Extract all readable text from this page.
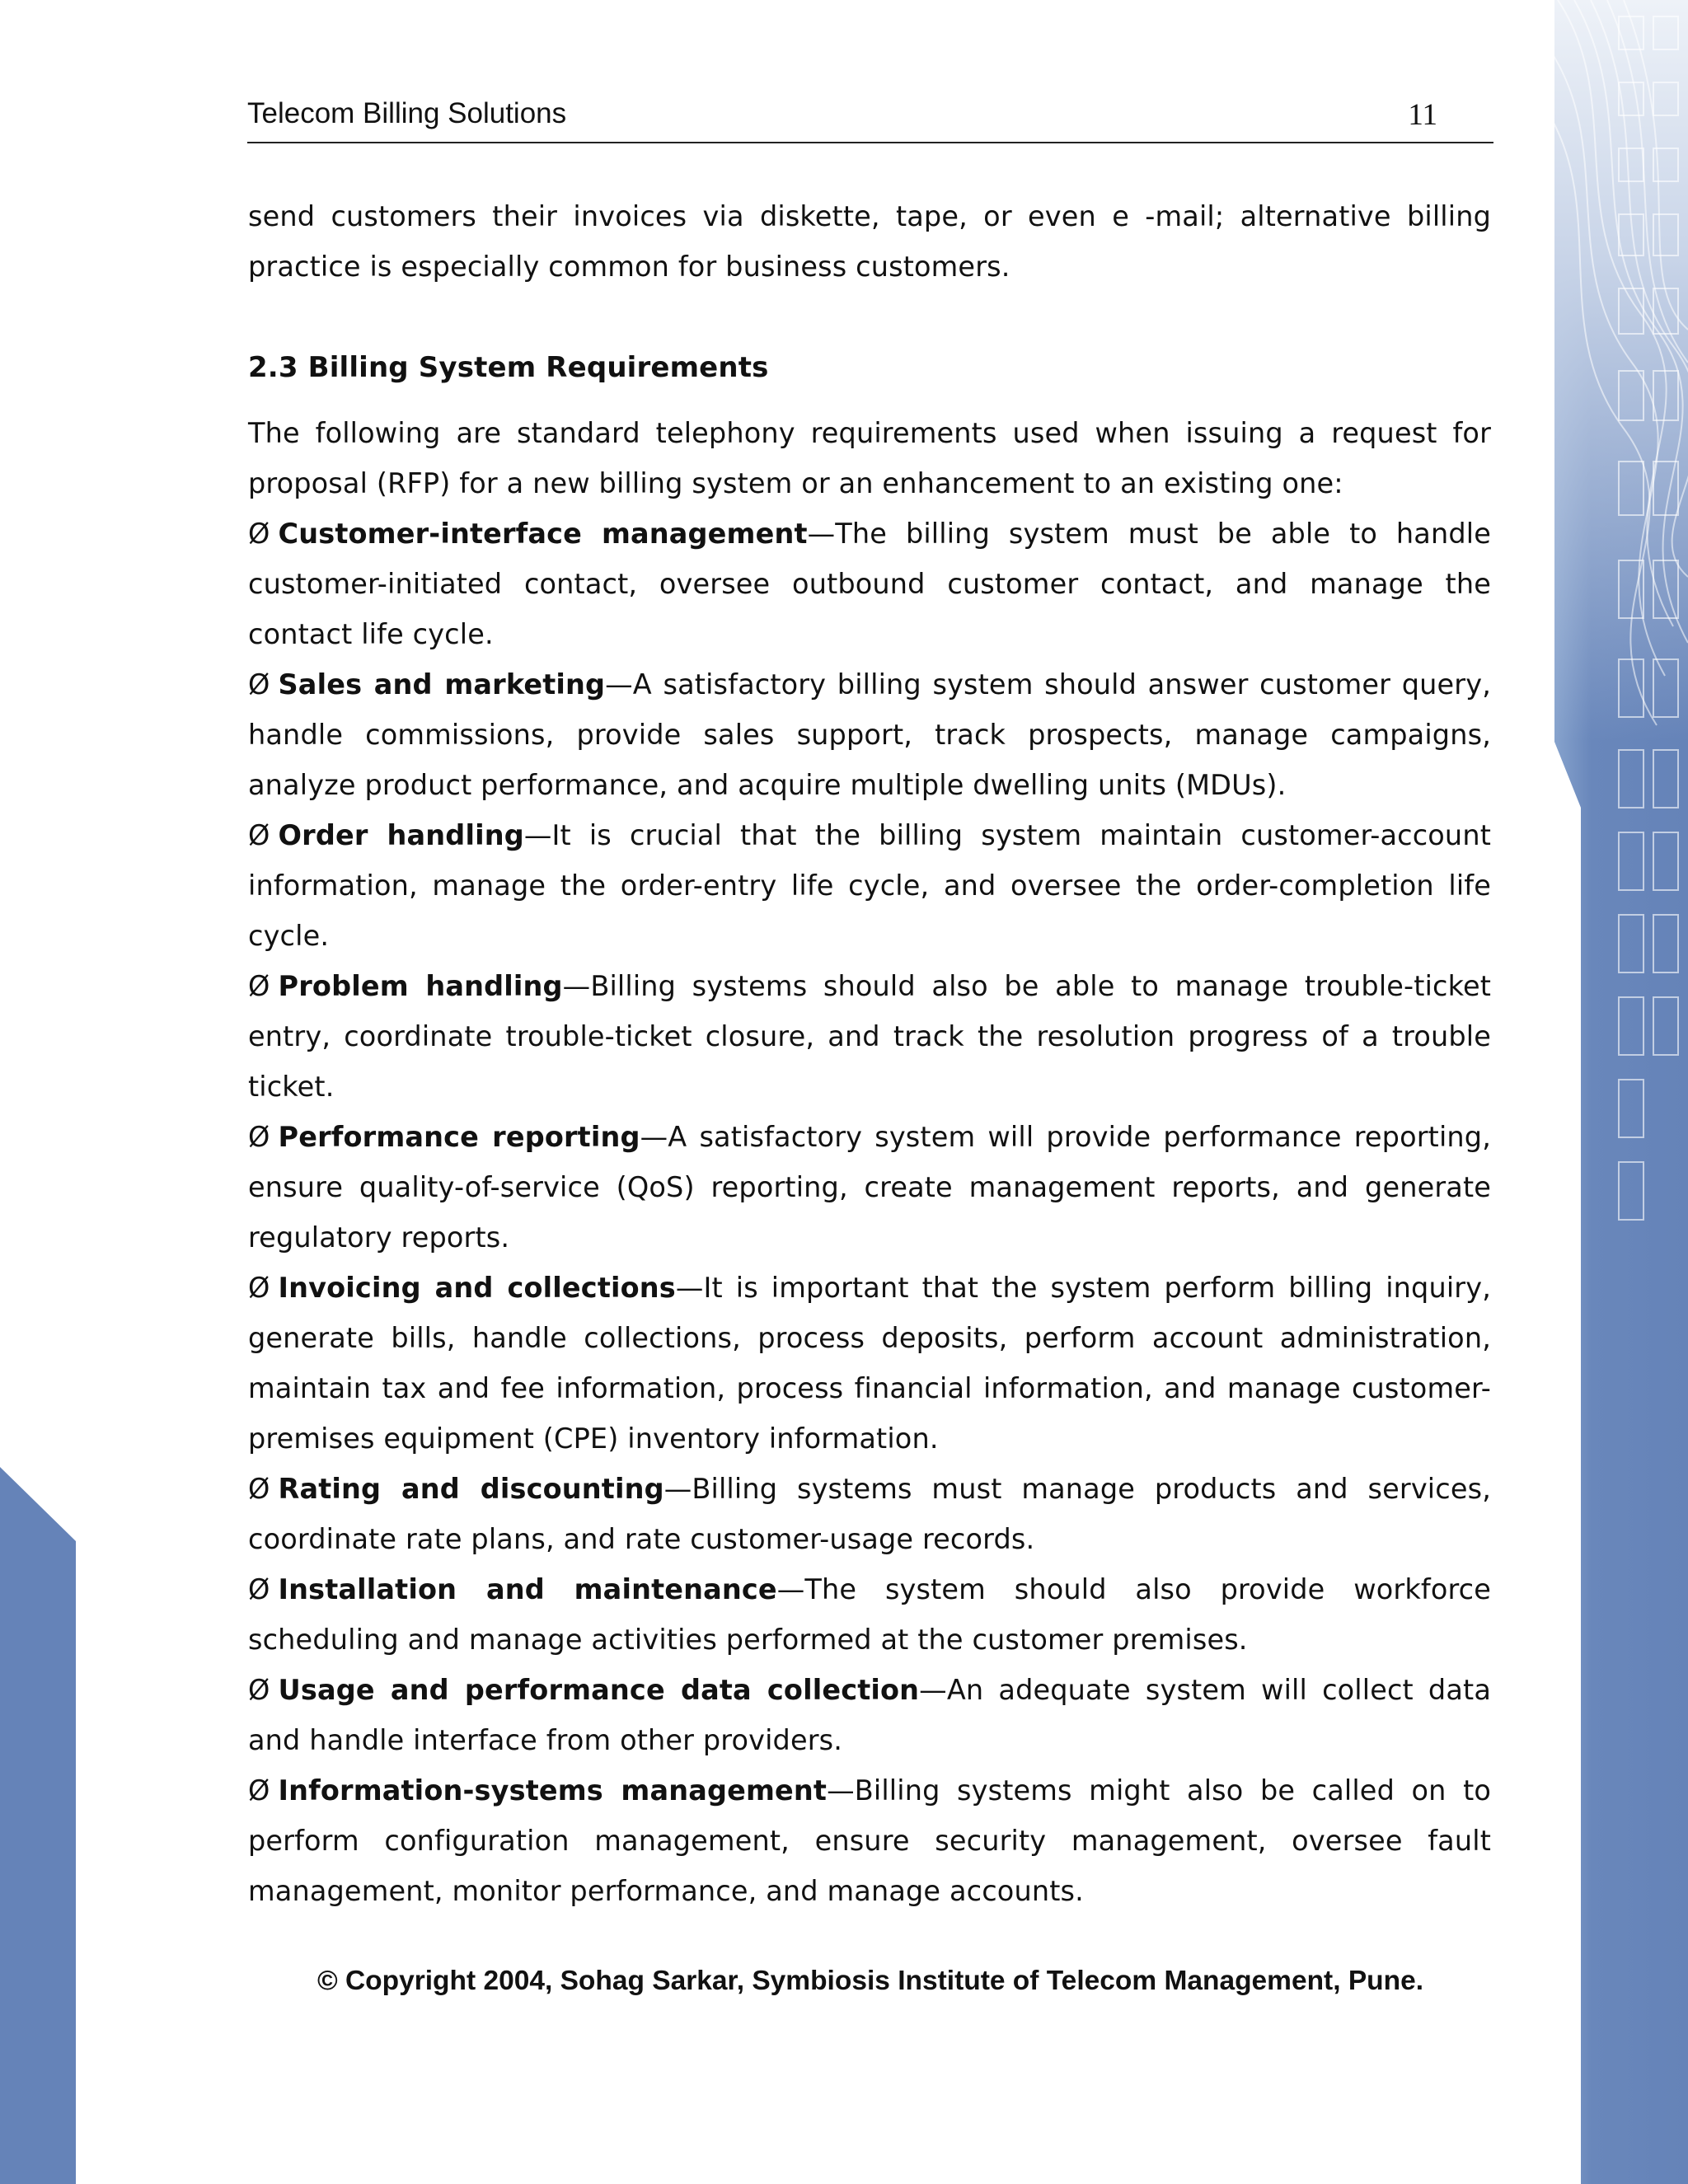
Telecom Billing Solutions	11

send customers their invoices via diskette, tape, or even e -mail; alternative billing practice is especially common for business customers.

2.3 Billing System Requirements

The following are standard telephony requirements used when issuing a request for proposal (RFP) for a new billing system or an enhancement to an existing one:

Ø Customer-interface management—The billing system must be able to handle customer-initiated contact, oversee outbound customer contact, and manage the contact life cycle.

Ø Sales and marketing—A satisfactory billing system should answer customer query, handle commissions, provide sales support, track prospects, manage campaigns, analyze product performance, and acquire multiple dwelling units (MDUs).

Ø Order handling—It is crucial that the billing system maintain customer-account information, manage the order-entry life cycle, and oversee the order-completion life cycle.

Ø Problem handling—Billing systems should also be able to manage trouble-ticket entry, coordinate trouble-ticket closure, and track the resolution progress of a trouble ticket.

Ø Performance reporting—A satisfactory system will provide performance reporting, ensure quality-of-service (QoS) reporting, create management reports, and generate regulatory reports.

Ø Invoicing and collections—It is important that the system perform billing inquiry, generate bills, handle collections, process deposits, perform account administration, maintain tax and fee information, process financial information, and manage customer-premises equipment (CPE) inventory information.

Ø Rating and discounting—Billing systems must manage products and services, coordinate rate plans, and rate customer-usage records.

Ø Installation and maintenance—The system should also provide workforce scheduling and manage activities performed at the customer premises.

Ø Usage and performance data collection—An adequate system will collect data and handle interface from other providers.

Ø Information-systems management—Billing systems might also be called on to perform configuration management, ensure security management, oversee fault management, monitor performance, and manage accounts.

© Copyright 2004, Sohag Sarkar, Symbiosis Institute of Telecom Management, Pune.
